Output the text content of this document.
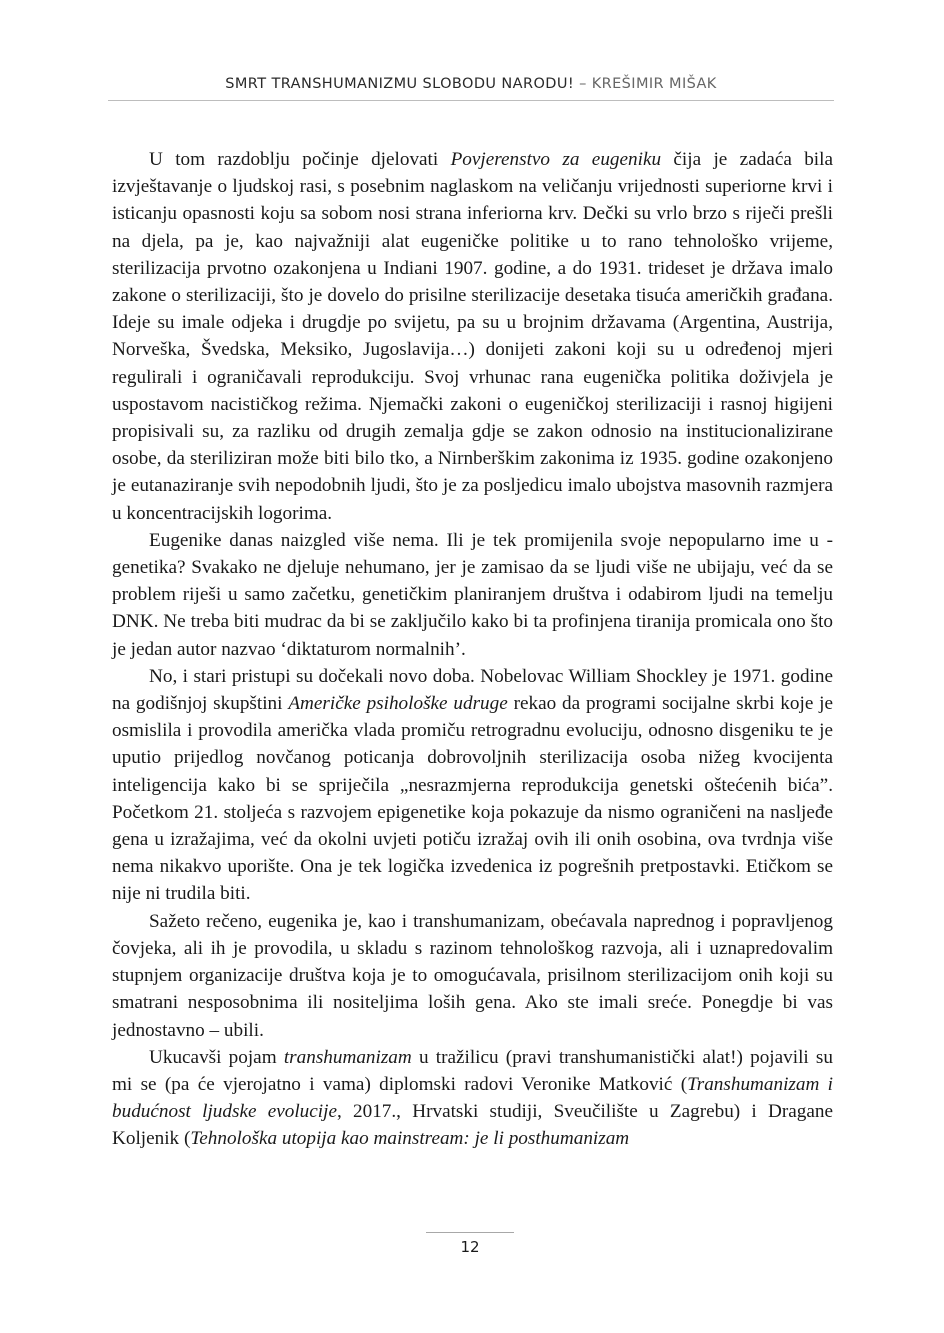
SMRT TRANSHUMANIZMU SLOBODU NARODU! – KREŠIMIR MIŠAK

U tom razdoblju počinje djelovati Povjerenstvo za eugeniku čija je zadaća bila izvještavanje o ljudskoj rasi, s posebnim naglaskom na veličanju vrijednosti superiorne krvi i isticanju opasnosti koju sa sobom nosi strana inferiorna krv. Dečki su vrlo brzo s riječi prešli na djela, pa je, kao najvažniji alat eugeničke politike u to rano tehnološko vrijeme, sterilizacija prvotno ozakonjena u Indiani 1907. godine, a do 1931. trideset je država imalo zakone o sterilizaciji, što je dovelo do prisilne sterilizacije desetaka tisuća američkih građana. Ideje su imale odjeka i drugdje po svijetu, pa su u brojnim državama (Argentina, Austrija, Norveška, Švedska, Meksiko, Jugoslavija…) donijeti zakoni koji su u određenoj mjeri regulirali i ograničavali reprodukciju. Svoj vrhunac rana eugenička politika doživjela je uspostavom nacističkog režima. Njemački zakoni o eugeničkoj sterilizaciji i rasnoj higijeni propisivali su, za razliku od drugih zemalja gdje se zakon odnosio na institucionalizirane osobe, da steriliziran može biti bilo tko, a Nirnberškim zakonima iz 1935. godine ozakonjeno je eutanaziranje svih nepodobnih ljudi, što je za posljedicu imalo ubojstva masovnih razmjera u koncentracijskih logorima.

Eugenike danas naizgled više nema. Ili je tek promijenila svoje nepopularno ime u - genetika? Svakako ne djeluje nehumano, jer je zamisao da se ljudi više ne ubijaju, već da se problem riješi u samo začetku, genetičkim planiranjem društva i odabirom ljudi na temelju DNK. Ne treba biti mudrac da bi se zaključilo kako bi ta profinjena tiranija promicala ono što je jedan autor nazvao ‘diktaturom normalnih’.

No, i stari pristupi su dočekali novo doba. Nobelovac William Shockley je 1971. godine na godišnjoj skupštini Američke psihološke udruge rekao da programi socijalne skrbi koje je osmislila i provodila američka vlada promiču retrogradnu evoluciju, odnosno disgeniku te je uputio prijedlog novčanog poticanja dobrovoljnih sterilizacija osoba nižeg kvocijenta inteligencija kako bi se spriječila „nesrazmjerna reprodukcija genetski oštećenih bića”. Početkom 21. stoljeća s razvojem epigenetike koja pokazuje da nismo ograničeni na nasljeđe gena u izražajima, već da okolni uvjeti potiču izražaj ovih ili onih osobina, ova tvrdnja više nema nikakvo uporište. Ona je tek logička izvedenica iz pogrešnih pretpostavki. Etičkom se nije ni trudila biti.

Sažeto rečeno, eugenika je, kao i transhumanizam, obećavala naprednog i popravljenog čovjeka, ali ih je provodila, u skladu s razinom tehnološkog razvoja, ali i uznapredovalim stupnjem organizacije društva koja je to omogućavala, prisilnom sterilizacijom onih koji su smatrani nesposobnima ili nositeljima loših gena. Ako ste imali sreće. Ponegdje bi vas jednostavno – ubili.

Ukucavši pojam transhumanizam u tražilicu (pravi transhumanistički alat!) pojavili su mi se (pa će vjerojatno i vama) diplomski radovi Veronike Matković (Transhumanizam i budućnost ljudske evolucije, 2017., Hrvatski studiji, Sveučilište u Zagrebu) i Dragane Koljenik (Tehnološka utopija kao mainstream: je li posthumanizam

12
